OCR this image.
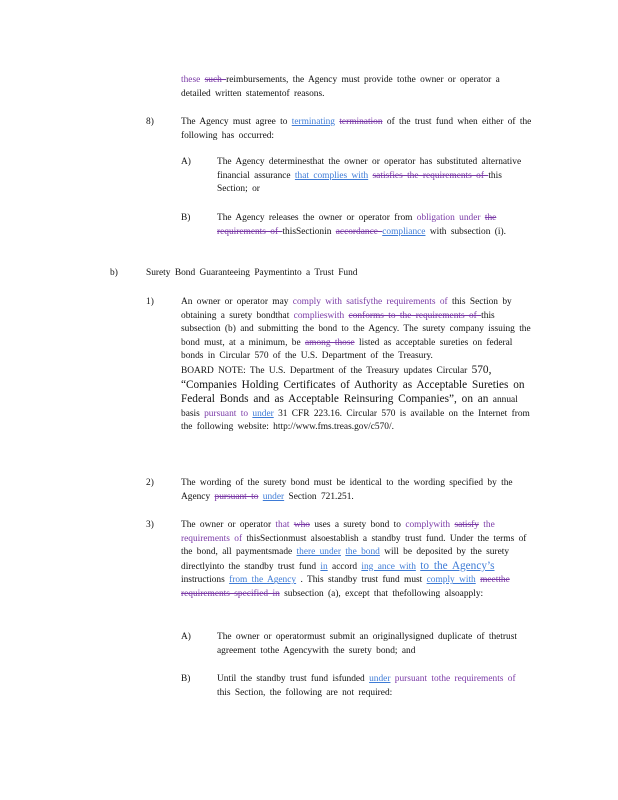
these such reimbursements, the Agency must provide tothe owner or operator a detailed written statementof reasons.
8)	The Agency must agree to terminating termination of the trust fund when either of the following has occurred:
A)	The Agency determinesthat the owner or operator has substituted alternative financial assurance that complies with satisfies the requirements of this Section; or
B)	The Agency releases the owner or operator from obligation under the requirements of thisSectionin accordance compliance with subsection (i).
b)	Surety Bond Guaranteeing Paymentinto a Trust Fund
1)	An owner or operator may comply with satisfythe requirements of this Section by obtaining a surety bondthat complieswith conforms to the requirements of this subsection (b) and submitting the bond to the Agency. The surety company issuing the bond must, at a minimum, be among those listed as acceptable sureties on federal bonds in Circular 570 of the U.S. Department of the Treasury.
BOARD NOTE: The U.S. Department of the Treasury updates Circular 570, “Companies Holding Certificates of Authority as Acceptable Sureties on Federal Bonds and as Acceptable Reinsuring Companies”, on an annual basis pursuant to under 31 CFR 223.16. Circular 570 is available on the Internet from the following website: http://www.fms.treas.gov/c570/.
2)	The wording of the surety bond must be identical to the wording specified by the Agency pursuant to under Section 721.251.
3)	The owner or operator that who uses a surety bond to complywith satisfy the requirements of thisSectionmust alsoestablish a standby trust fund. Under the terms of the bond, all paymentsmade there under the bond will be deposited by the surety directlyinto the standby trust fund in accord ing ance with to the Agency’s instructions from the Agency . This standby trust fund must comply with meetthe requirements specified in subsection (a), except that thefollowing alsoapply:
A)	The owner or operatormust submit an originallysigned duplicate of thetrust agreement tothe Agencywith the surety bond; and
B)	Until the standby trust fund isfunded under pursuant tothe requirements of this Section, the following are not required:
